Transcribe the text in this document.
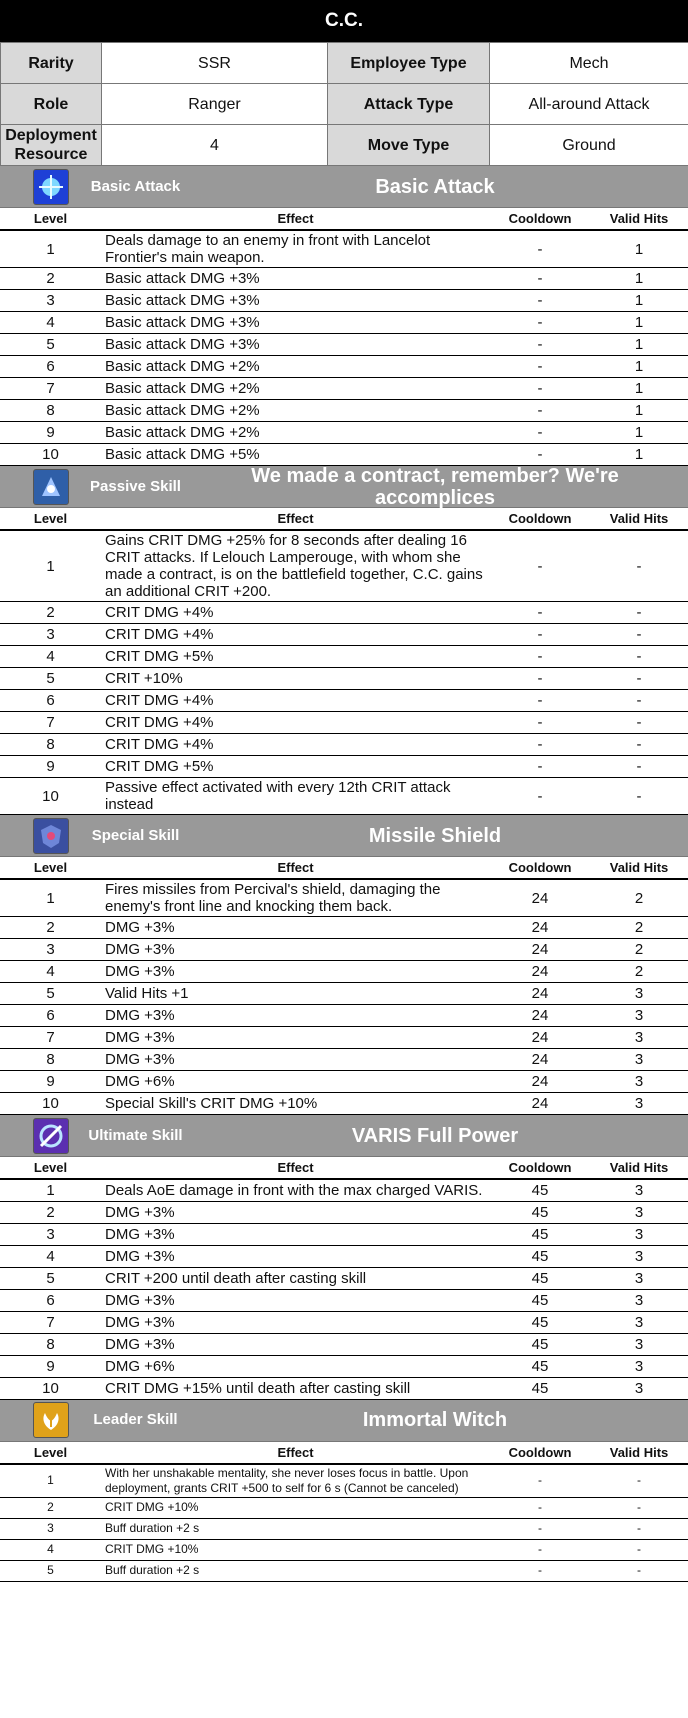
C.C.
Rarity	SSR	Employee Type	Mech
Role	Ranger	Attack Type	All-around Attack
Deployment Resource	4	Move Type	Ground
Basic Attack	Basic Attack
Level	Effect	Cooldown	Valid Hits
1	Deals damage to an enemy in front with Lancelot Frontier's main weapon.	-	1
2	Basic attack DMG +3%	-	1
3	Basic attack DMG +3%	-	1
4	Basic attack DMG +3%	-	1
5	Basic attack DMG +3%	-	1
6	Basic attack DMG +2%	-	1
7	Basic attack DMG +2%	-	1
8	Basic attack DMG +2%	-	1
9	Basic attack DMG +2%	-	1
10	Basic attack DMG +5%	-	1
Passive Skill	We made a contract, remember? We're accomplices
Level	Effect	Cooldown	Valid Hits
1	Gains CRIT DMG +25% for 8 seconds after dealing 16 CRIT attacks. If Lelouch Lamperouge, with whom she made a contract, is on the battlefield together, C.C. gains an additional CRIT +200.	-	-
2	CRIT DMG +4%	-	-
3	CRIT DMG +4%	-	-
4	CRIT DMG +5%	-	-
5	CRIT +10%	-	-
6	CRIT DMG +4%	-	-
7	CRIT DMG +4%	-	-
8	CRIT DMG +4%	-	-
9	CRIT DMG +5%	-	-
10	Passive effect activated with every 12th CRIT attack instead	-	-
Special Skill	Missile Shield
Level	Effect	Cooldown	Valid Hits
1	Fires missiles from Percival's shield, damaging the enemy's front line and knocking them back.	24	2
2	DMG +3%	24	2
3	DMG +3%	24	2
4	DMG +3%	24	2
5	Valid Hits +1	24	3
6	DMG +3%	24	3
7	DMG +3%	24	3
8	DMG +3%	24	3
9	DMG +6%	24	3
10	Special Skill's CRIT DMG +10%	24	3
Ultimate Skill	VARIS Full Power
Level	Effect	Cooldown	Valid Hits
1	Deals AoE damage in front with the max charged VARIS.	45	3
2	DMG +3%	45	3
3	DMG +3%	45	3
4	DMG +3%	45	3
5	CRIT +200 until death after casting skill	45	3
6	DMG +3%	45	3
7	DMG +3%	45	3
8	DMG +3%	45	3
9	DMG +6%	45	3
10	CRIT DMG +15% until death after casting skill	45	3
Leader Skill	Immortal Witch
Level	Effect	Cooldown	Valid Hits
1	With her unshakable mentality, she never loses focus in battle. Upon deployment, grants CRIT +500 to self for 6 s (Cannot be canceled)	-	-
2	CRIT DMG +10%	-	-
3	Buff duration +2 s	-	-
4	CRIT DMG +10%	-	-
5	Buff duration +2 s	-	-
